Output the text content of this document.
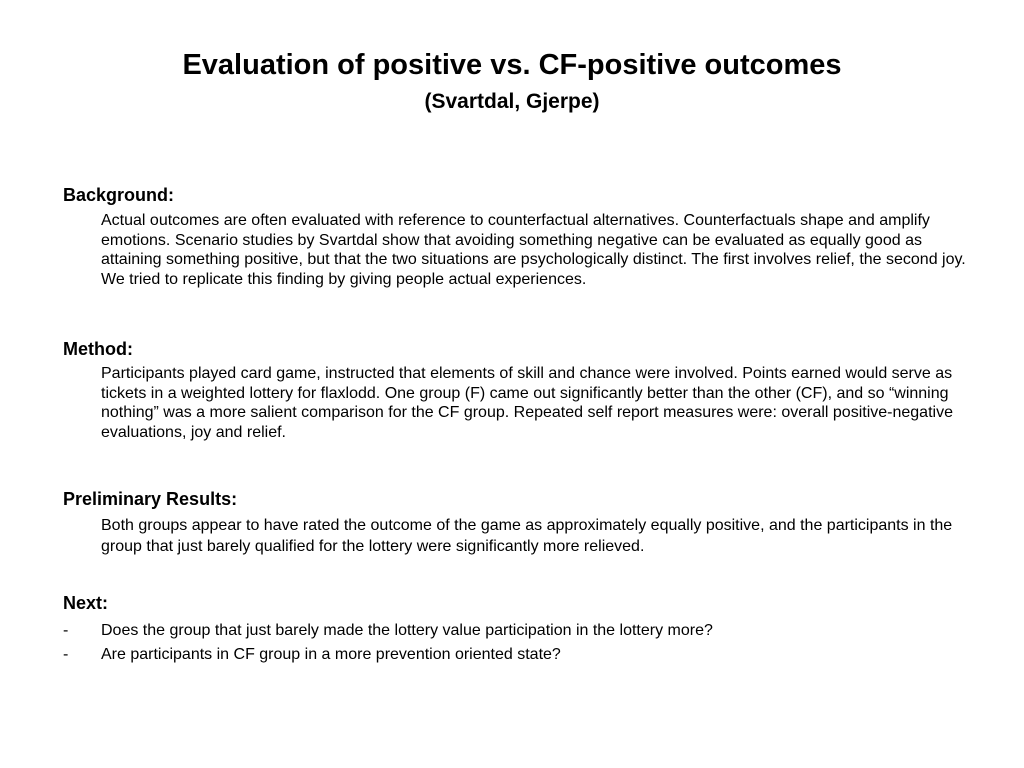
Evaluation of positive vs. CF-positive outcomes
(Svartdal, Gjerpe)
Background:

Actual outcomes are often evaluated with reference to counterfactual alternatives. Counterfactuals shape and amplify emotions. Scenario studies by Svartdal show that avoiding something negative can be evaluated as equally good as attaining something positive, but that the two situations are psychologically distinct. The first involves relief, the second joy. We tried to replicate this finding by giving people actual experiences.

Method:

Participants played card game, instructed that elements of skill and chance were involved. Points earned would serve as tickets in a weighted lottery for flaxlodd. One group (F) came out significantly better than the other (CF), and so “winning nothing” was a more salient comparison for the CF group. Repeated self report measures were: overall positive-negative evaluations, joy and relief.

Preliminary Results:

Both groups appear to have rated the outcome of the game as approximately equally positive, and the participants in the group that just barely qualified for the lottery were significantly more relieved.

Next:
- Does the group that just barely made the lottery value participation in the lottery more?
- Are participants in CF group in a more prevention oriented state?
